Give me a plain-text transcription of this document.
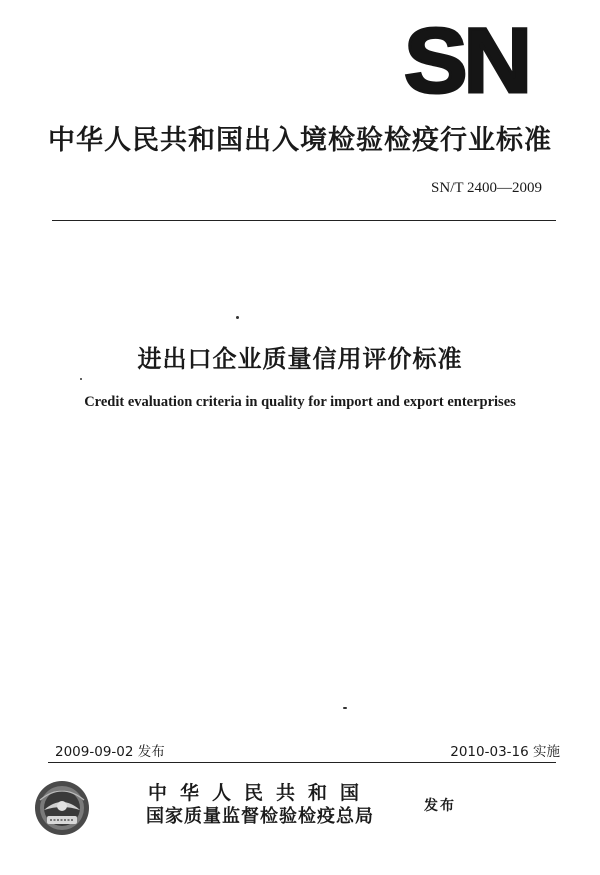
SN
中华人民共和国出入境检验检疫行业标准
SN/T 2400—2009
进出口企业质量信用评价标准
Credit evaluation criteria in quality for import and export enterprises
2009-09-02 发布	2010-03-16 实施
中华人民共和国
国家质量监督检验检疫总局	发布
